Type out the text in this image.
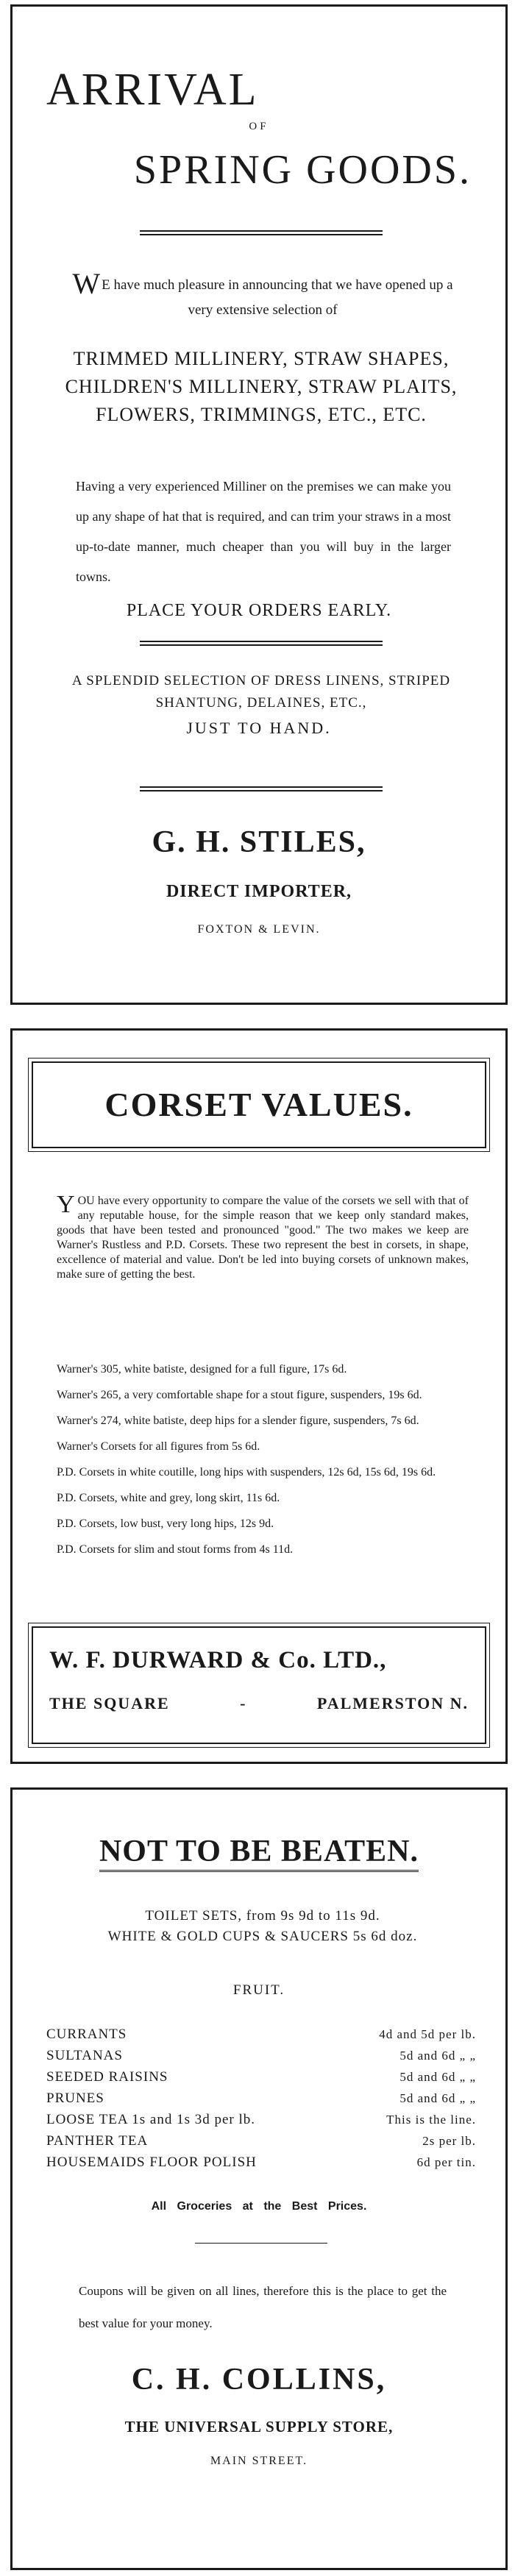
ARRIVAL
OF
SPRING GOODS.

W E have much pleasure in announcing that we have opened up a very extensive selection of

TRIMMED MILLINERY, STRAW SHAPES, CHILDREN'S MILLINERY, STRAW PLAITS, FLOWERS, TRIMMINGS, ETC., ETC.

Having a very experienced Milliner on the premises we can make you up any shape of hat that is required, and can trim your straws in a most up-to-date manner, much cheaper than you will buy in the larger towns.

PLACE YOUR ORDERS EARLY.

A SPLENDID SELECTION OF DRESS LINENS, STRIPED SHANTUNG, DELAINES, ETC.,

JUST TO HAND.

G. H. STILES,

DIRECT IMPORTER,

FOXTON & LEVIN.

CORSET VALUES.

YOU have every opportunity to compare the value of the corsets we sell with that of any reputable house, for the simple reason that we keep only standard makes, goods that have been tested and pronounced "good." The two makes we keep are Warner's Rustless and P.D. Corsets. These two represent the best in corsets, in shape, excellence of material and value. Don't be led into buying corsets of unknown makes, make sure of getting the best.

Warner's 305, white batiste, designed for a full figure, 17s 6d.
Warner's 265, a very comfortable shape for a stout figure, suspenders, 19s 6d.
Warner's 274, white batiste, deep hips for a slender figure, suspenders, 7s 6d.
Warner's Corsets for all figures from 5s 6d.
P.D. Corsets in white coutille, long hips with suspenders, 12s 6d, 15s 6d, 19s 6d.
P.D. Corsets, white and grey, long skirt, 11s 6d.
P.D. Corsets, low bust, very long hips, 12s 9d.
P.D. Corsets for slim and stout forms from 4s 11d.
W. F. DURWARD & Co. LTD.,
THE SQUARE	-	PALMERSTON N.
NOT TO BE BEATEN.
TOILET SETS, from 9s 9d to 11s 9d.
WHITE & GOLD CUPS & SAUCERS 5s 6d doz.
FRUIT.
CURRANTS	4d and 5d per lb.
SULTANAS	5d and 6d „ „
SEEDED RAISINS	5d and 6d „ „
PRUNES	5d and 6d „ „
LOOSE TEA 1s and 1s 3d per lb.	This is the line.
PANTHER TEA	2s per lb.
HOUSEMAIDS FLOOR POLISH	6d per tin.

All Groceries at the Best Prices.

Coupons will be given on all lines, therefore this is the place to get the best value for your money.

C. H. COLLINS,

THE UNIVERSAL SUPPLY STORE,

MAIN STREET.
